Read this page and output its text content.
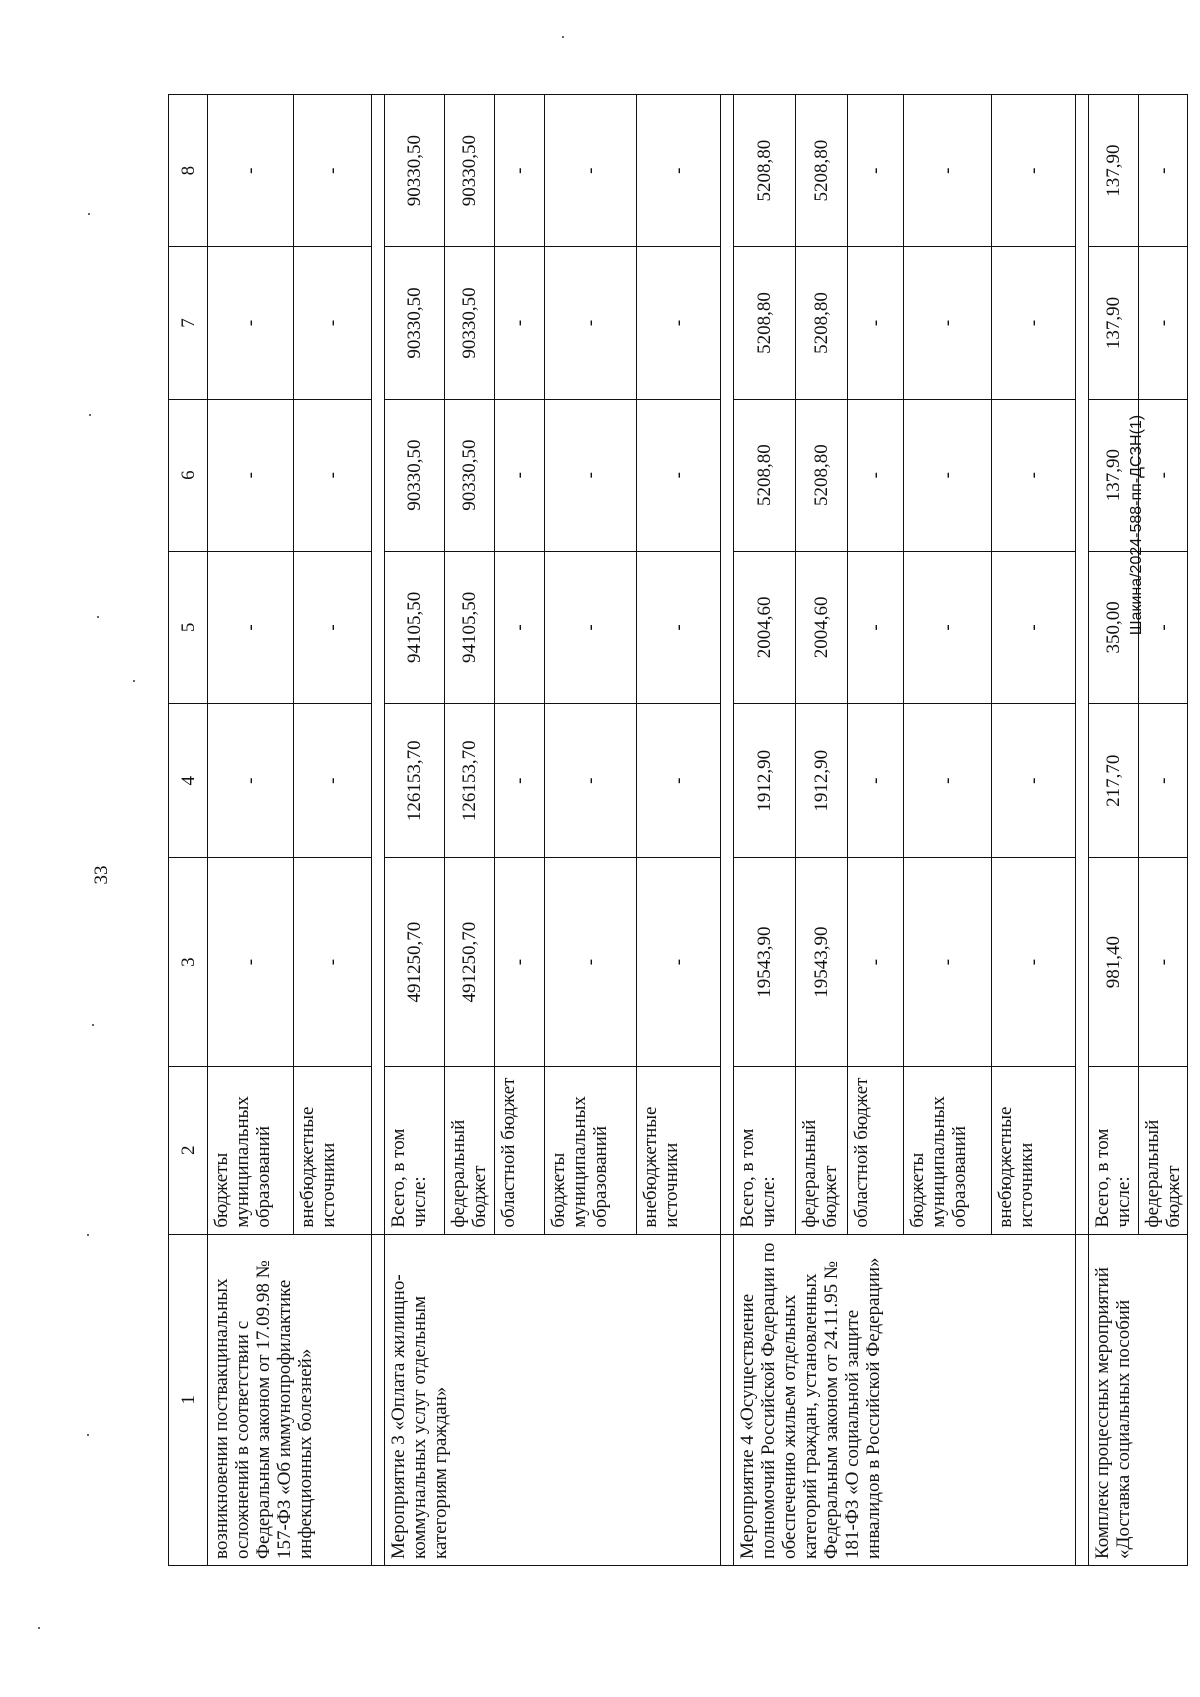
33
Шакина/2024-588-пп-ДСЗН(1)
1	2	3	4	5	6	7	8
возникновении поствакцинальных осложнений в соответствии с Федеральным законом от 17.09.98 № 157-ФЗ «Об иммунопрофилактике инфекционных болезней»	бюджеты муниципальных образований	-	-	-	-	-	-
	внебюджетные источники	-	-	-	-	-	-

Мероприятие 3 «Оплата жилищно-коммунальных услуг отдельным категориям граждан»	Всего, в том числе:	491250,70	126153,70	94105,50	90330,50	90330,50	90330,50
	федеральный бюджет	491250,70	126153,70	94105,50	90330,50	90330,50	90330,50
	областной бюджет	-	-	-	-	-	-
	бюджеты муниципальных образований	-	-	-	-	-	-
	внебюджетные источники	-	-	-	-	-	-

Мероприятие 4 «Осуществление полномочий Российской Федерации по обеспечению жильем отдельных категорий граждан, установленных Федеральным законом от 24.11.95 № 181-ФЗ «О социальной защите инвалидов в Российской Федерации»	Всего, в том числе:	19543,90	1912,90	2004,60	5208,80	5208,80	5208,80
	федеральный бюджет	19543,90	1912,90	2004,60	5208,80	5208,80	5208,80
	областной бюджет	-	-	-	-	-	-
	бюджеты муниципальных образований	-	-	-	-	-	-
	внебюджетные источники	-	-	-	-	-	-

Комплекс процессных мероприятий «Доставка социальных пособий	Всего, в том числе:	981,40	217,70	350,00	137,90	137,90	137,90
	федеральный бюджет	-	-	-	-	-	-
